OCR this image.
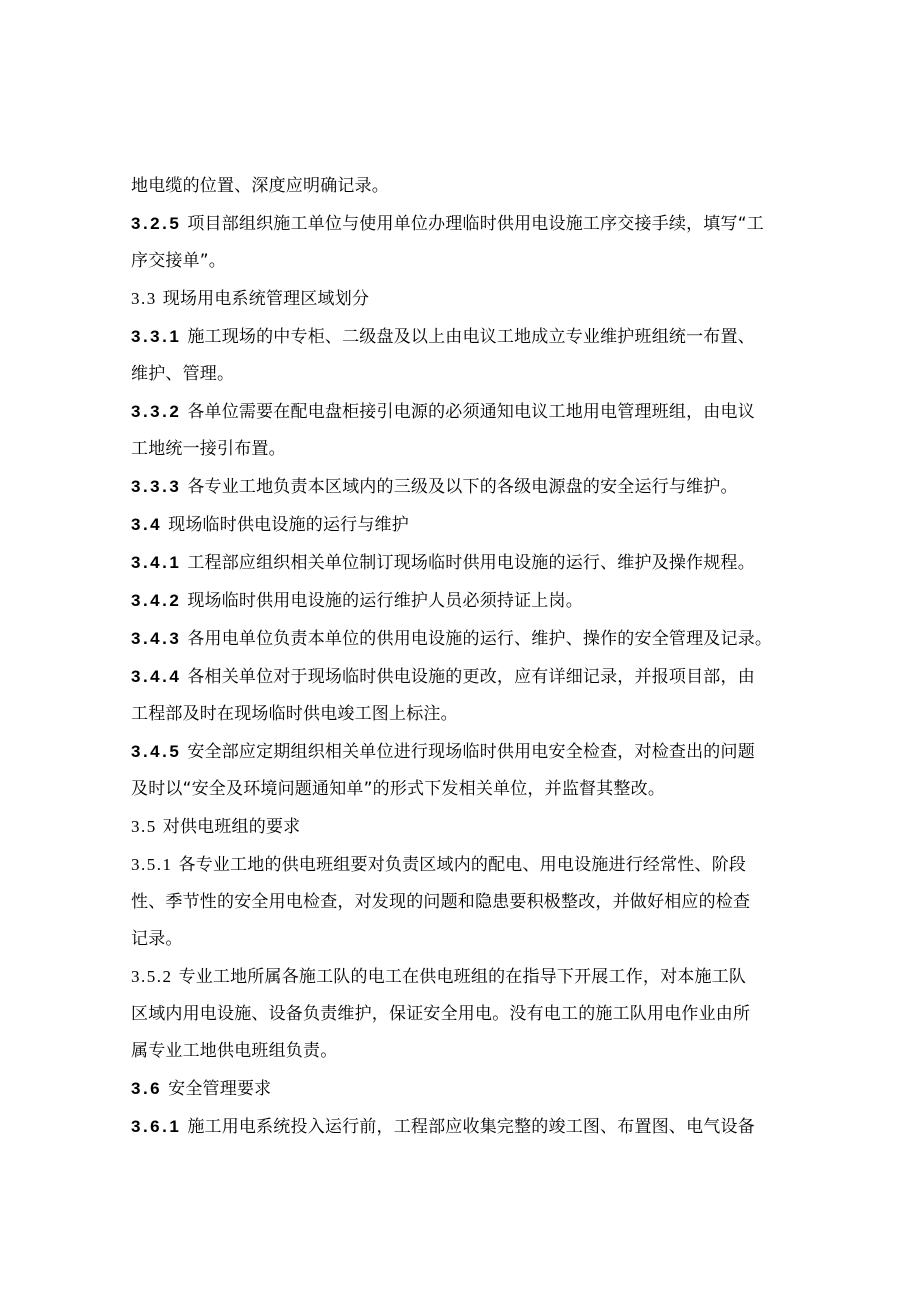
地电缆的位置、深度应明确记录。
3.2.5 项目部组织施工单位与使用单位办理临时供用电设施工序交接手续，填写“工
序交接单”。
3.3 现场用电系统管理区域划分
3.3.1 施工现场的中专柜、二级盘及以上由电议工地成立专业维护班组统一布置、
维护、管理。
3.3.2 各单位需要在配电盘柜接引电源的必须通知电议工地用电管理班组，由电议
工地统一接引布置。
3.3.3 各专业工地负责本区域内的三级及以下的各级电源盘的安全运行与维护。
3.4 现场临时供电设施的运行与维护
3.4.1 工程部应组织相关单位制订现场临时供用电设施的运行、维护及操作规程。
3.4.2 现场临时供用电设施的运行维护人员必须持证上岗。
3.4.3 各用电单位负责本单位的供用电设施的运行、维护、操作的安全管理及记录。
3.4.4 各相关单位对于现场临时供电设施的更改，应有详细记录，并报项目部，由
工程部及时在现场临时供电竣工图上标注。
3.4.5 安全部应定期组织相关单位进行现场临时供用电安全检查，对检查出的问题
及时以“安全及环境问题通知单”的形式下发相关单位，并监督其整改。
3.5 对供电班组的要求
3.5.1 各专业工地的供电班组要对负责区域内的配电、用电设施进行经常性、阶段
性、季节性的安全用电检查，对发现的问题和隐患要积极整改，并做好相应的检查
记录。
3.5.2 专业工地所属各施工队的电工在供电班组的在指导下开展工作，对本施工队
区域内用电设施、设备负责维护，保证安全用电。没有电工的施工队用电作业由所
属专业工地供电班组负责。
3.6 安全管理要求
3.6.1 施工用电系统投入运行前，工程部应收集完整的竣工图、布置图、电气设备
